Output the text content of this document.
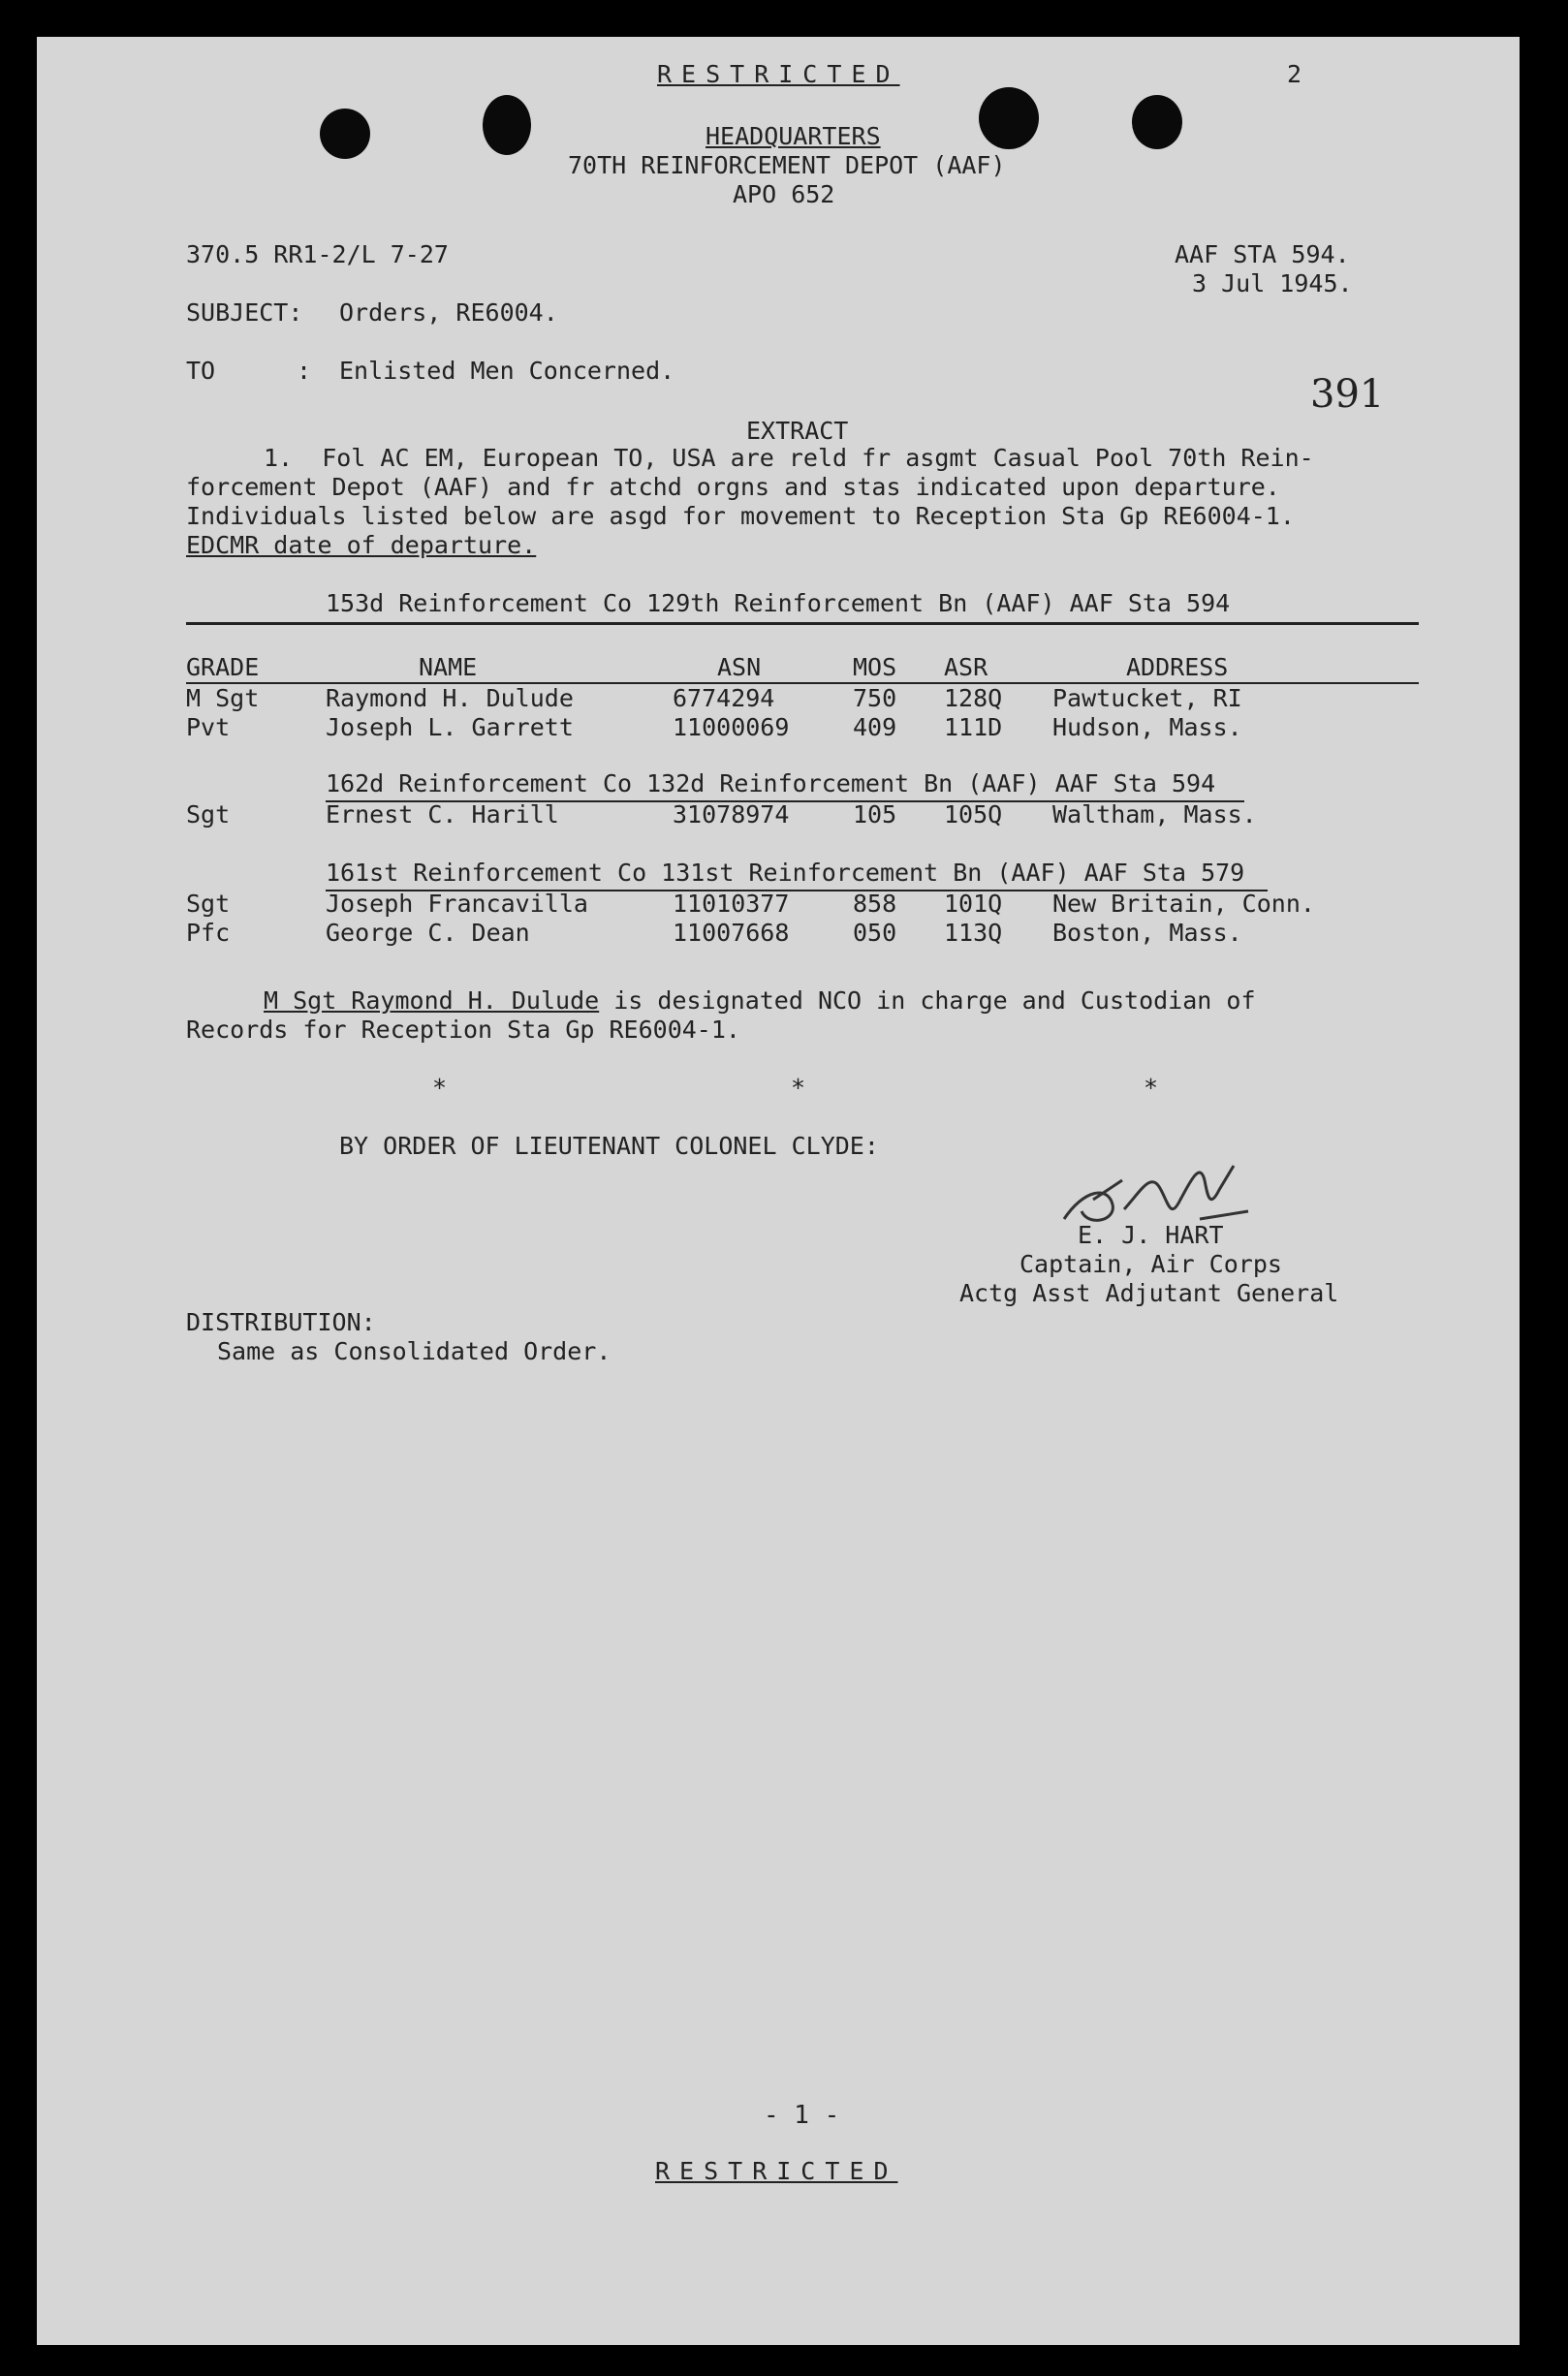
RESTRICTED	2
HEADQUARTERS
70TH REINFORCEMENT DEPOT (AAF)
APO 652
370.5 RR1-2/L 7-27	AAF STA 594.
3 Jul 1945.
SUBJECT: Orders, RE6004.
TO	: Enlisted Men Concerned.
391
EXTRACT
1.  Fol AC EM, European TO, USA are reld fr asgmt Casual Pool 70th Rein-
forcement Depot (AAF) and fr atchd orgns and stas indicated upon departure.
Individuals listed below are asgd for movement to Reception Sta Gp RE6004-1.
EDCMR date of departure.
153d Reinforcement Co 129th Reinforcement Bn (AAF) AAF Sta 594
GRADE	NAME	ASN	MOS ASR	ADDRESS
M Sgt	Raymond H. Dulude	6774294	750 128Q Pawtucket, RI
Pvt	Joseph L. Garrett	11000069	409 111D Hudson, Mass.
162d Reinforcement Co 132d Reinforcement Bn (AAF) AAF Sta 594
Sgt	Ernest C. Harill	31078974	105 105Q Waltham, Mass.
161st Reinforcement Co 131st Reinforcement Bn (AAF) AAF Sta 579
Sgt	Joseph Francavilla	11010377	858 101Q New Britain, Conn.
Pfc	George C. Dean	11007668	050 113Q Boston, Mass.
M Sgt Raymond H. Dulude is designated NCO in charge and Custodian of
Records for Reception Sta Gp RE6004-1.
*	*	*
BY ORDER OF LIEUTENANT COLONEL CLYDE:
E. J. HART
Captain, Air Corps
Actg Asst Adjutant General
DISTRIBUTION:
Same as Consolidated Order.
- 1 -
RESTRICTED
